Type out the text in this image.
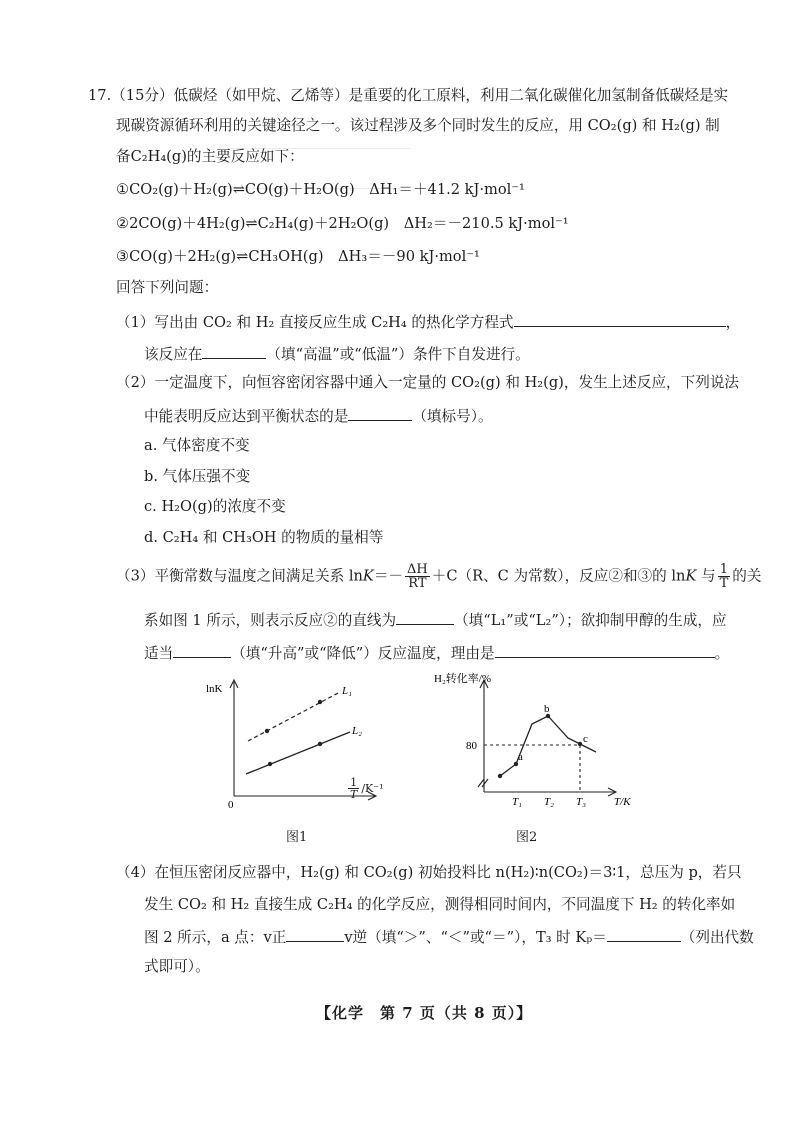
17.（15分）低碳烃（如甲烷、乙烯等）是重要的化工原料，利用二氧化碳催化加氢制备低碳烃是实
现碳资源循环利用的关键途径之一。该过程涉及多个同时发生的反应，用 CO₂(g) 和 H₂(g) 制
备C₂H₄(g)的主要反应如下：
①CO₂(g)＋H₂(g)⇌CO(g)＋H₂O(g)　ΔH₁＝＋41.2 kJ·mol⁻¹
②2CO(g)＋4H₂(g)⇌C₂H₄(g)＋2H₂O(g)　ΔH₂＝－210.5 kJ·mol⁻¹
③CO(g)＋2H₂(g)⇌CH₃OH(g)　ΔH₃＝－90 kJ·mol⁻¹
回答下列问题：
（1）写出由 CO₂ 和 H₂ 直接反应生成 C₂H₄ 的热化学方程式	，
该反应在	（填“高温”或“低温”）条件下自发进行。
（2）一定温度下，向恒容密闭容器中通入一定量的 CO₂(g) 和 H₂(g)，发生上述反应，下列说法
中能表明反应达到平衡状态的是	（填标号）。
a. 气体密度不变
b. 气体压强不变
c. H₂O(g)的浓度不变
d. C₂H₄ 和 CH₃OH 的物质的量相等
（3）平衡常数与温度之间满足关系 $\ln K=- \frac{\Delta H}{RT} +C(R$、C 为常数），反应②和③的 lnK 与 $\frac{1}{T}$ 的关
系如图 1 所示，则表示反应②的直线为	（填“L₁”或“L₂”）；欲抑制甲醇的生成，应
适当	（填“升高”或“降低”）反应温度，理由是	。
lnK
0
L₁
L₂
$\frac{1}{T} /K^{-1}$
图1
H₂转化率/%
80
a
b
c
T₁ T₂ T₃	T/K
图2
（4）在恒压密闭反应器中，H₂(g) 和 CO₂(g) 初始投料比 n(H₂)∶n(CO₂)＝3∶1，总压为 p，若只
发生 CO₂ 和 H₂ 直接生成 C₂H₄ 的化学反应，测得相同时间内，不同温度下 H₂ 的转化率如
图 2 所示，a 点：v正	v逆（填“＞”、“＜”或“＝”），T₃ 时 Kₚ＝	（列出代数
式即可）。
【化学　第 7 页（共 8 页）】
